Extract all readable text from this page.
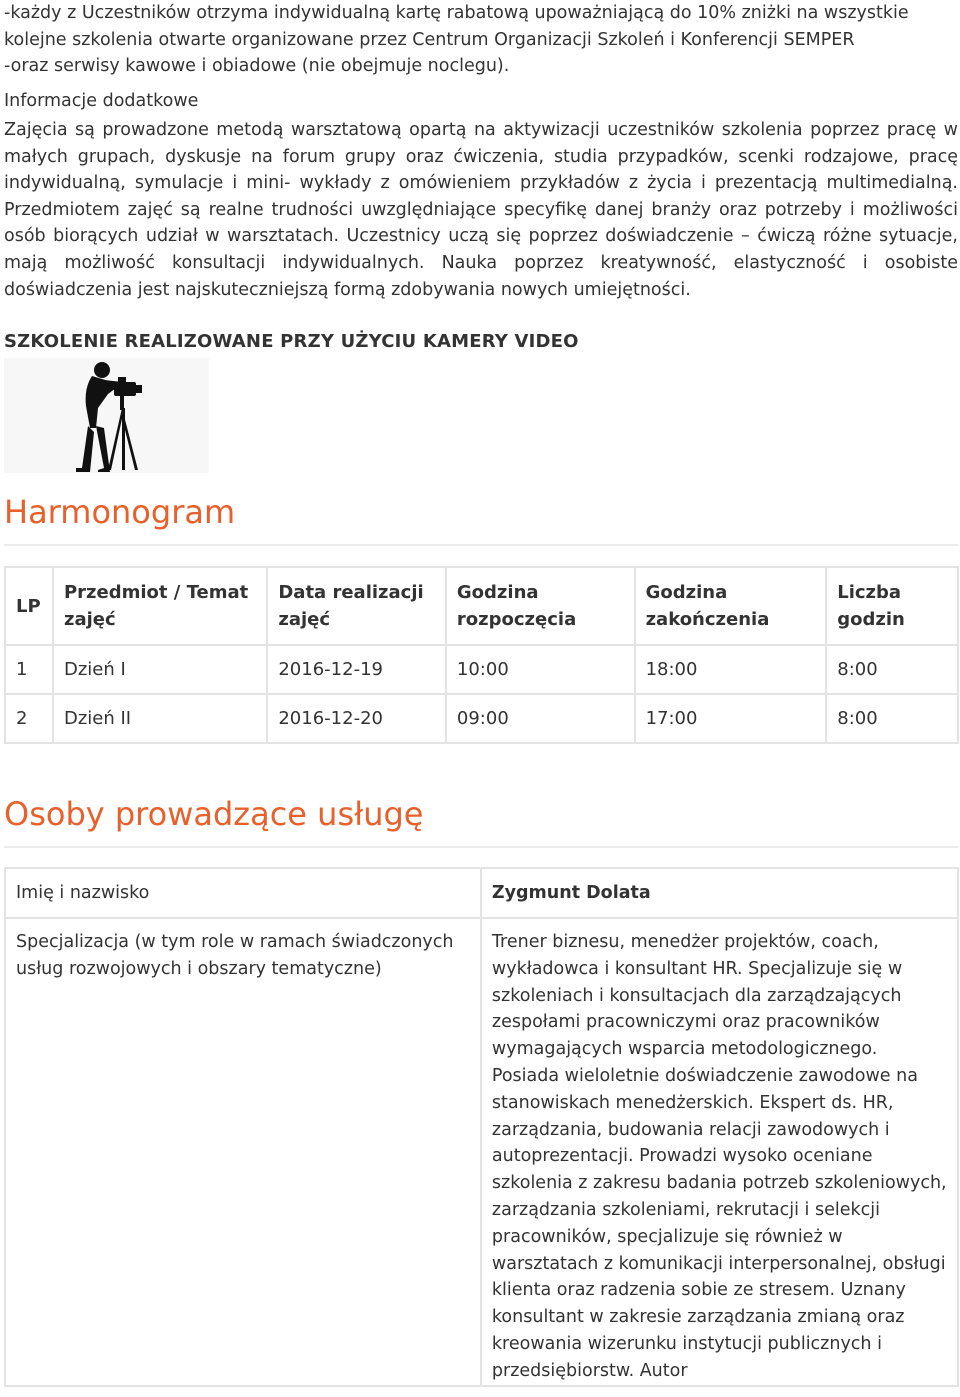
-każdy z Uczestników otrzyma indywidualną kartę rabatową upoważniającą do 10% zniżki na wszystkie kolejne szkolenia otwarte organizowane przez Centrum Organizacji Szkoleń i Konferencji SEMPER

-oraz serwisy kawowe i obiadowe (nie obejmuje noclegu).

Informacje dodatkowe

Zajęcia są prowadzone metodą warsztatową opartą na aktywizacji uczestników szkolenia poprzez pracę w małych grupach, dyskusje na forum grupy oraz ćwiczenia, studia przypadków, scenki rodzajowe, pracę indywidualną, symulacje i mini- wykłady z omówieniem przykładów z życia i prezentacją multimedialną. Przedmiotem zajęć są realne trudności uwzględniające specyfikę danej branży oraz potrzeby i możliwości osób biorących udział w warsztatach. Uczestnicy uczą się poprzez doświadczenie – ćwiczą różne sytuacje, mają możliwość konsultacji indywidualnych. Nauka poprzez kreatywność, elastyczność i osobiste doświadczenia jest najskuteczniejszą formą zdobywania nowych umiejętności.

SZKOLENIE REALIZOWANE PRZY UŻYCIU KAMERY VIDEO
Harmonogram
LP	Przedmiot / Temat zajęć	Data realizacji zajęć	Godzina rozpoczęcia	Godzina zakończenia	Liczba godzin
1	Dzień I	2016-12-19	10:00	18:00	8:00
2	Dzień II	2016-12-20	09:00	17:00	8:00
Osoby prowadzące usługę
Imię i nazwisko	Zygmunt Dolata
Specjalizacja (w tym role w ramach świadczonych usług rozwojowych i obszary tematyczne)	Trener biznesu, menedżer projektów, coach, wykładowca i konsultant HR. Specjalizuje się w szkoleniach i konsultacjach dla zarządzających zespołami pracowniczymi oraz pracowników wymagających wsparcia metodologicznego. Posiada wieloletnie doświadczenie zawodowe na stanowiskach menedżerskich. Ekspert ds. HR, zarządzania, budowania relacji zawodowych i autoprezentacji. Prowadzi wysoko oceniane szkolenia z zakresu badania potrzeb szkoleniowych, zarządzania szkoleniami, rekrutacji i selekcji pracowników, specjalizuje się również w warsztatach z komunikacji interpersonalnej, obsługi klienta oraz radzenia sobie ze stresem. Uznany konsultant w zakresie zarządzania zmianą oraz kreowania wizerunku instytucji publicznych i przedsiębiorstw. Autor
